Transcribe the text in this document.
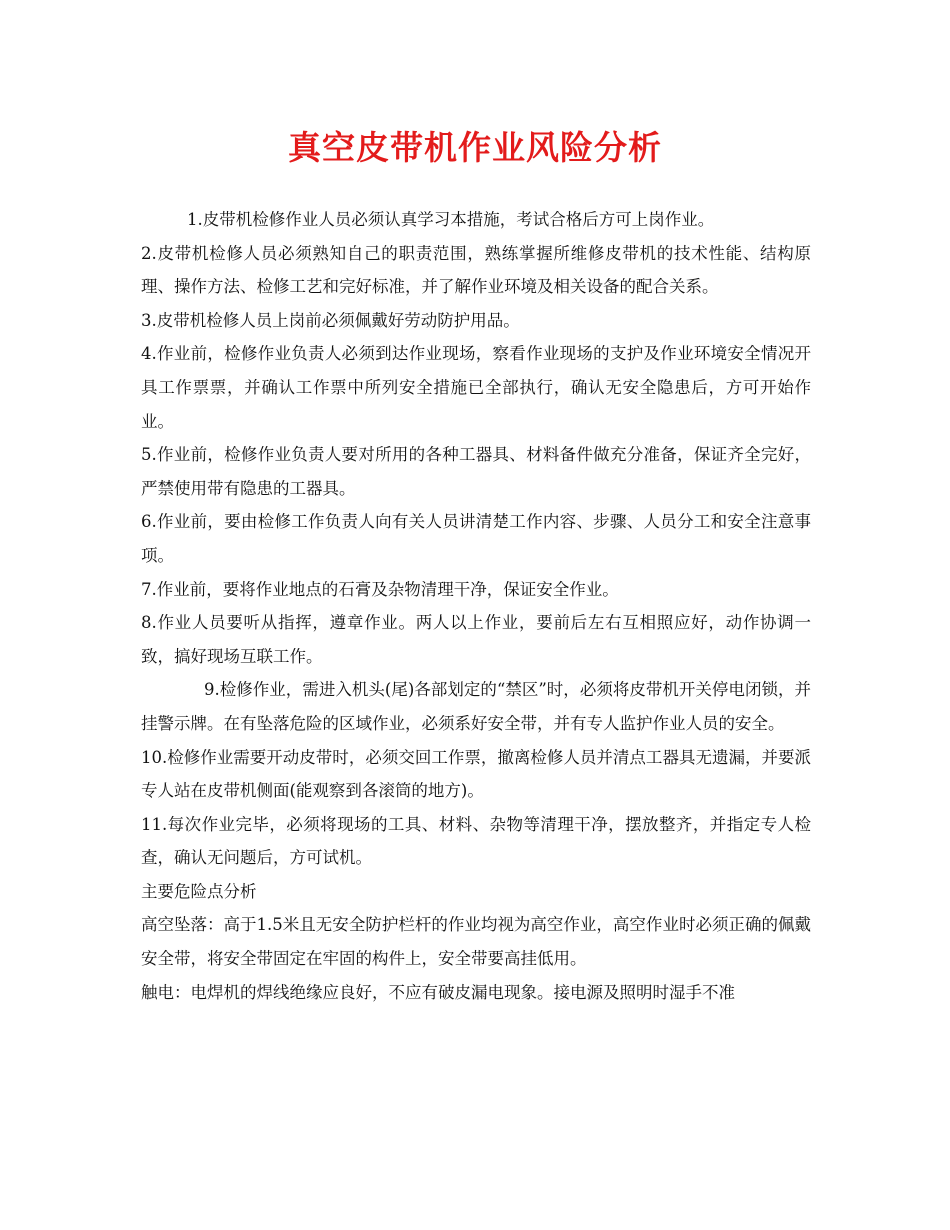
真空皮带机作业风险分析

1.皮带机检修作业人员必须认真学习本措施，考试合格后方可上岗作业。

2.皮带机检修人员必须熟知自己的职责范围，熟练掌握所维修皮带机的技术性能、结构原理、操作方法、检修工艺和完好标准，并了解作业环境及相关设备的配合关系。

3.皮带机检修人员上岗前必须佩戴好劳动防护用品。

4.作业前，检修作业负责人必须到达作业现场，察看作业现场的支护及作业环境安全情况开具工作票票，并确认工作票中所列安全措施已全部执行，确认无安全隐患后，方可开始作业。

5.作业前，检修作业负责人要对所用的各种工器具、材料备件做充分准备，保证齐全完好，严禁使用带有隐患的工器具。

6.作业前，要由检修工作负责人向有关人员讲清楚工作内容、步骤、人员分工和安全注意事项。

7.作业前，要将作业地点的石膏及杂物清理干净，保证安全作业。

8.作业人员要听从指挥，遵章作业。两人以上作业，要前后左右互相照应好，动作协调一致，搞好现场互联工作。

9.检修作业，需进入机头(尾)各部划定的“禁区”时，必须将皮带机开关停电闭锁，并挂警示牌。在有坠落危险的区域作业，必须系好安全带，并有专人监护作业人员的安全。

10.检修作业需要开动皮带时，必须交回工作票，撤离检修人员并清点工器具无遗漏，并要派专人站在皮带机侧面(能观察到各滚筒的地方)。

11.每次作业完毕，必须将现场的工具、材料、杂物等清理干净，摆放整齐，并指定专人检查，确认无问题后，方可试机。

主要危险点分析

高空坠落：高于1.5米且无安全防护栏杆的作业均视为高空作业，高空作业时必须正确的佩戴安全带，将安全带固定在牢固的构件上，安全带要高挂低用。

触电：电焊机的焊线绝缘应良好，不应有破皮漏电现象。接电源及照明时湿手不准
